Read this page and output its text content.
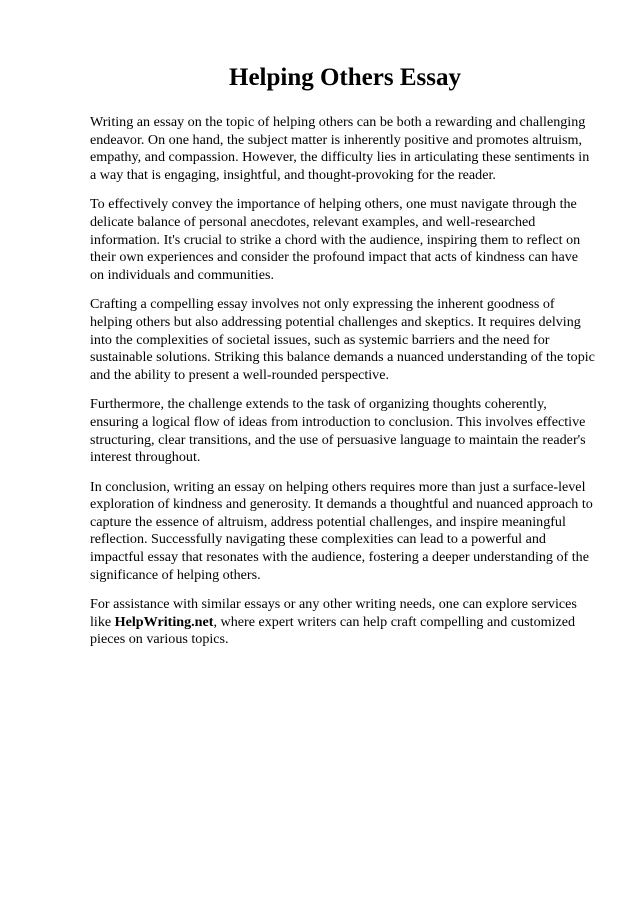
Helping Others Essay

Writing an essay on the topic of helping others can be both a rewarding and challenging endeavor. On one hand, the subject matter is inherently positive and promotes altruism, empathy, and compassion. However, the difficulty lies in articulating these sentiments in a way that is engaging, insightful, and thought-provoking for the reader.

To effectively convey the importance of helping others, one must navigate through the delicate balance of personal anecdotes, relevant examples, and well-researched information. It's crucial to strike a chord with the audience, inspiring them to reflect on their own experiences and consider the profound impact that acts of kindness can have on individuals and communities.

Crafting a compelling essay involves not only expressing the inherent goodness of helping others but also addressing potential challenges and skeptics. It requires delving into the complexities of societal issues, such as systemic barriers and the need for sustainable solutions. Striking this balance demands a nuanced understanding of the topic and the ability to present a well-rounded perspective.

Furthermore, the challenge extends to the task of organizing thoughts coherently, ensuring a logical flow of ideas from introduction to conclusion. This involves effective structuring, clear transitions, and the use of persuasive language to maintain the reader's interest throughout.

In conclusion, writing an essay on helping others requires more than just a surface-level exploration of kindness and generosity. It demands a thoughtful and nuanced approach to capture the essence of altruism, address potential challenges, and inspire meaningful reflection. Successfully navigating these complexities can lead to a powerful and impactful essay that resonates with the audience, fostering a deeper understanding of the significance of helping others.

For assistance with similar essays or any other writing needs, one can explore services like HelpWriting.net, where expert writers can help craft compelling and customized pieces on various topics.
